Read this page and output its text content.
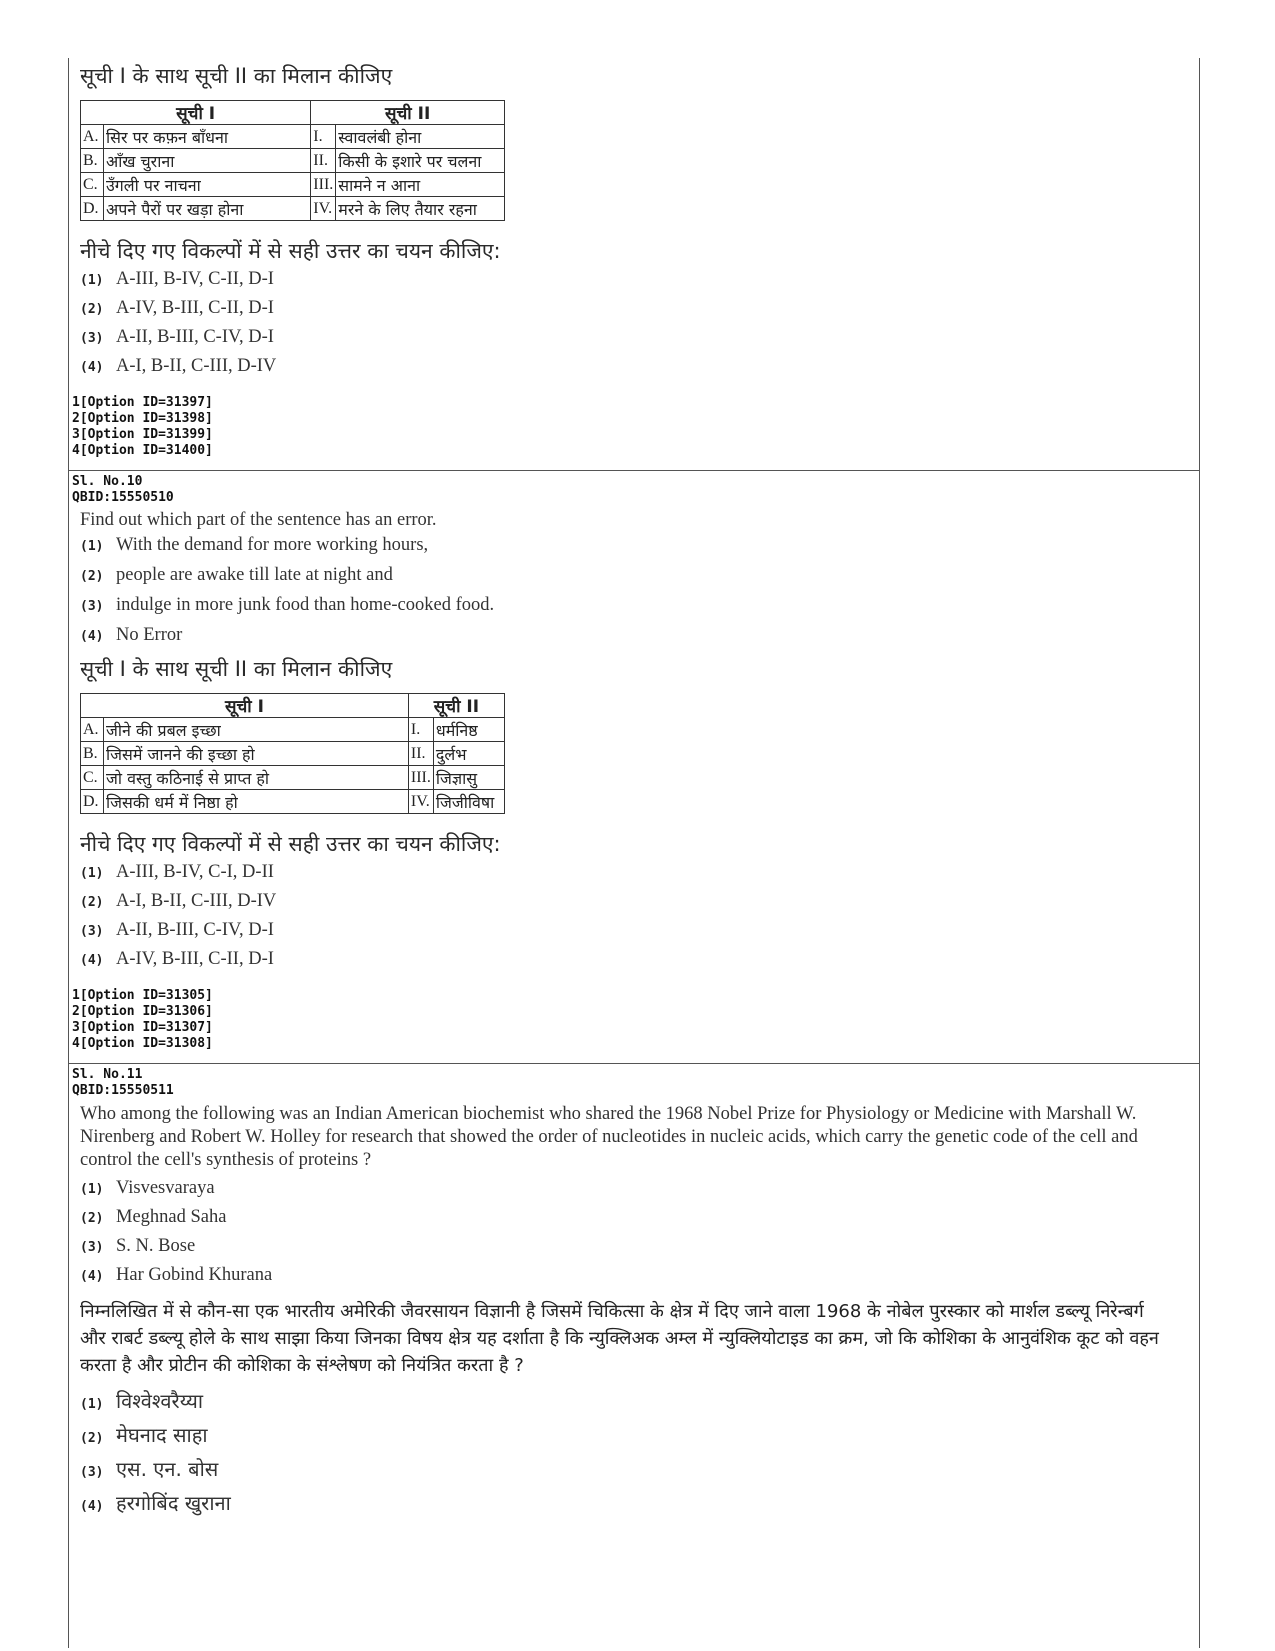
सूची I के साथ सूची II का मिलान कीजिए
सूची I		सूची II	
A.	सिर पर कफ़न बाँधना	I.	स्वावलंबी होना
B.	आँख चुराना	II.	किसी के इशारे पर चलना
C.	उँगली पर नाचना	III.	सामने न आना
D.	अपने पैरों पर खड़ा होना	IV.	मरने के लिए तैयार रहना
नीचे दिए गए विकल्पों में से सही उत्तर का चयन कीजिए:
(1) A-III, B-IV, C-II, D-I
(2) A-IV, B-III, C-II, D-I
(3) A-II, B-III, C-IV, D-I
(4) A-I, B-II, C-III, D-IV
1[Option ID=31397]
2[Option ID=31398]
3[Option ID=31399]
4[Option ID=31400]
Sl. No.10
QBID:15550510
Find out which part of the sentence has an error.
(1) With the demand for more working hours,
(2) people are awake till late at night and
(3) indulge in more junk food than home-cooked food.
(4) No Error
सूची I के साथ सूची II का मिलान कीजिए
सूची I		सूची II	
A.	जीने की प्रबल इच्छा	I.	धर्मनिष्ठ
B.	जिसमें जानने की इच्छा हो	II.	दुर्लभ
C.	जो वस्तु कठिनाई से प्राप्त हो	III.	जिज्ञासु
D.	जिसकी धर्म में निष्ठा हो	IV.	जिजीविषा
नीचे दिए गए विकल्पों में से सही उत्तर का चयन कीजिए:
(1) A-III, B-IV, C-I, D-II
(2) A-I, B-II, C-III, D-IV
(3) A-II, B-III, C-IV, D-I
(4) A-IV, B-III, C-II, D-I
1[Option ID=31305]
2[Option ID=31306]
3[Option ID=31307]
4[Option ID=31308]
Sl. No.11
QBID:15550511
Who among the following was an Indian American biochemist who shared the 1968 Nobel Prize for Physiology or Medicine with Marshall W. Nirenberg and Robert W. Holley for research that showed the order of nucleotides in nucleic acids, which carry the genetic code of the cell and control the cell's synthesis of proteins ?
(1) Visvesvaraya
(2) Meghnad Saha
(3) S. N. Bose
(4) Har Gobind Khurana
निम्नलिखित में से कौन-सा एक भारतीय अमेरिकी जैवरसायन विज्ञानी है जिसमें चिकित्सा के क्षेत्र में दिए जाने वाला 1968 के नोबेल पुरस्कार को मार्शल डब्ल्यू निरेन्बर्ग और राबर्ट डब्ल्यू होले के साथ साझा किया जिनका विषय क्षेत्र यह दर्शाता है कि न्युक्लिअक अम्ल में न्युक्लियोटाइड का क्रम, जो कि कोशिका के आनुवंशिक कूट को वहन करता है और प्रोटीन की कोशिका के संश्लेषण को नियंत्रित करता है ?
(1) विश्वेश्वरैय्या
(2) मेघनाद साहा
(3) एस. एन. बोस
(4) हरगोबिंद खुराना
